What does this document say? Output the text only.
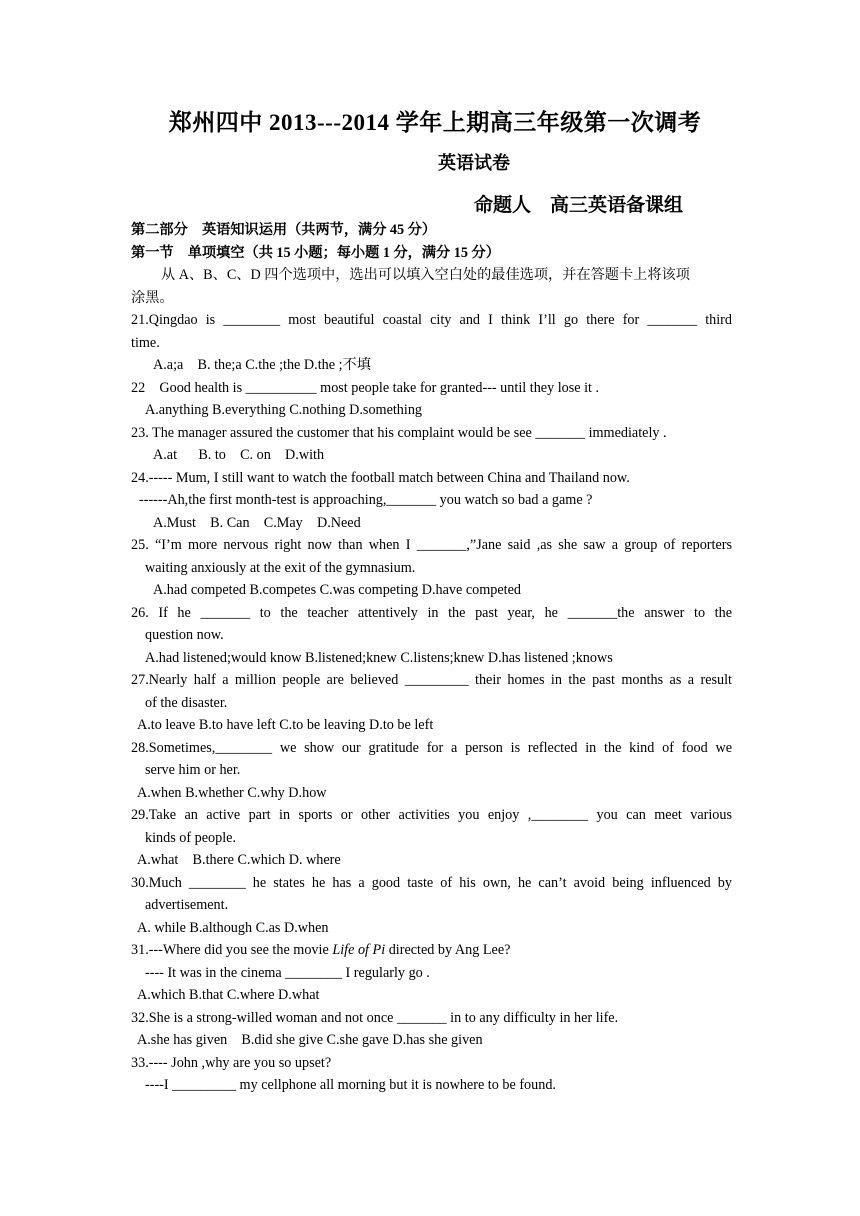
郑州四中 2013---2014 学年上期高三年级第一次调考
英语试卷
命题人    高三英语备课组
第二部分    英语知识运用（共两节，满分 45 分）
第一节    单项填空（共 15 小题；每小题 1 分，满分 15 分）
从 A、B、C、D 四个选项中，选出可以填入空白处的最佳选项，并在答题卡上将该项
涂黑。
21.Qingdao is ________ most beautiful coastal city and I think I’ll go there for _______ third
time.
A.a;a    B. the;a C.the ;the D.the ;不填
22    Good health is __________ most people take for granted--- until they lose it .
A.anything B.everything C.nothing D.something
23. The manager assured the customer that his complaint would be see _______ immediately .
A.at      B. to    C. on    D.with
24.----- Mum, I still want to watch the football match between China and Thailand now.
------Ah,the first month-test is approaching,_______ you watch so bad a game ?
A.Must    B. Can    C.May    D.Need
25. “I’m more nervous right now than when I _______,”Jane said ,as she saw a group of reporters
waiting anxiously at the exit of the gymnasium.
A.had competed B.competes C.was competing D.have competed
26. If he _______ to the teacher attentively in the past year, he _______the answer to the
question now.
A.had listened;would know B.listened;knew C.listens;knew D.has listened ;knows
27.Nearly half a million people are believed _________ their homes in the past months as a result
of the disaster.
A.to leave B.to have left C.to be leaving D.to be left
28.Sometimes,________ we show our gratitude for a person is reflected in the kind of food we
serve him or her.
A.when B.whether C.why D.how
29.Take an active part in sports or other activities you enjoy ,________ you can meet various
kinds of people.
A.what    B.there C.which D. where
30.Much ________ he states he has a good taste of his own, he can’t avoid being influenced by
advertisement.
A. while B.although C.as D.when
31.---Where did you see the movie Life of Pi directed by Ang Lee?
---- It was in the cinema ________ I regularly go .
A.which B.that C.where D.what
32.She is a strong-willed woman and not once _______ in to any difficulty in her life.
A.she has given    B.did she give C.she gave D.has she given
33.---- John ,why are you so upset?
----I _________ my cellphone all morning but it is nowhere to be found.
